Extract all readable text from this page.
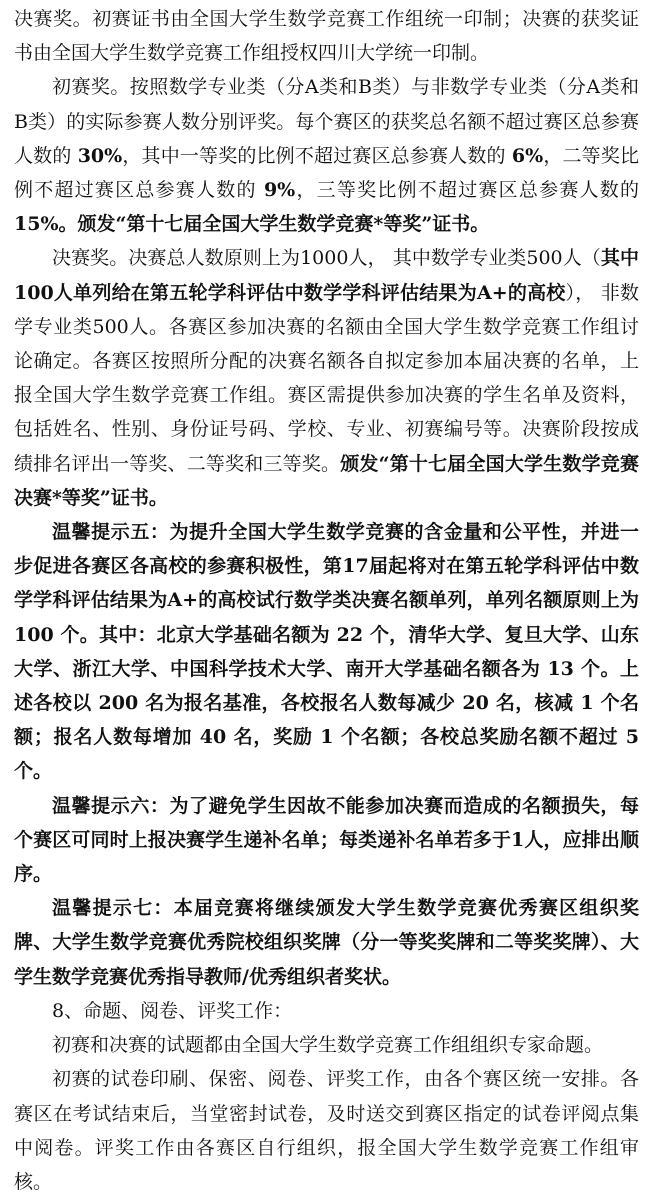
决赛奖。初赛证书由全国大学生数学竞赛工作组统一印制；决赛的获奖证书由全国大学生数学竞赛工作组授权四川大学统一印制。

初赛奖。按照数学专业类（分A类和B类）与非数学专业类（分A类和B类）的实际参赛人数分别评奖。每个赛区的获奖总名额不超过赛区总参赛人数的 30%，其中一等奖的比例不超过赛区总参赛人数的 6%，二等奖比例不超过赛区总参赛人数的 9%，三等奖比例不超过赛区总参赛人数的 15%。颁发“第十七届全国大学生数学竞赛*等奖”证书。

决赛奖。决赛总人数原则上为1000人， 其中数学专业类500人（其中100人单列给在第五轮学科评估中数学学科评估结果为A+的高校）， 非数学专业类500人。各赛区参加决赛的名额由全国大学生数学竞赛工作组讨论确定。各赛区按照所分配的决赛名额各自拟定参加本届决赛的名单，上报全国大学生数学竞赛工作组。赛区需提供参加决赛的学生名单及资料，包括姓名、性别、身份证号码、学校、专业、初赛编号等。决赛阶段按成绩排名评出一等奖、二等奖和三等奖。颁发“第十七届全国大学生数学竞赛决赛*等奖”证书。

温馨提示五：为提升全国大学生数学竞赛的含金量和公平性，并进一步促进各赛区各高校的参赛积极性，第17届起将对在第五轮学科评估中数学学科评估结果为A+的高校试行数学类决赛名额单列，单列名额原则上为 100 个。其中：北京大学基础名额为 22 个，清华大学、复旦大学、山东大学、浙江大学、中国科学技术大学、南开大学基础名额各为 13 个。上述各校以 200 名为报名基准，各校报名人数每减少 20 名，核减 1 个名额；报名人数每增加 40 名，奖励 1 个名额；各校总奖励名额不超过 5 个。

温馨提示六：为了避免学生因故不能参加决赛而造成的名额损失，每个赛区可同时上报决赛学生递补名单；每类递补名单若多于1人，应排出顺序。

温馨提示七：本届竞赛将继续颁发大学生数学竞赛优秀赛区组织奖牌、大学生数学竞赛优秀院校组织奖牌（分一等奖奖牌和二等奖奖牌）、大学生数学竞赛优秀指导教师/优秀组织者奖状。

8、命题、阅卷、评奖工作：

初赛和决赛的试题都由全国大学生数学竞赛工作组组织专家命题。

初赛的试卷印刷、保密、阅卷、评奖工作，由各个赛区统一安排。各赛区在考试结束后，当堂密封试卷，及时送交到赛区指定的试卷评阅点集中阅卷。评奖工作由各赛区自行组织，报全国大学生数学竞赛工作组审核。
